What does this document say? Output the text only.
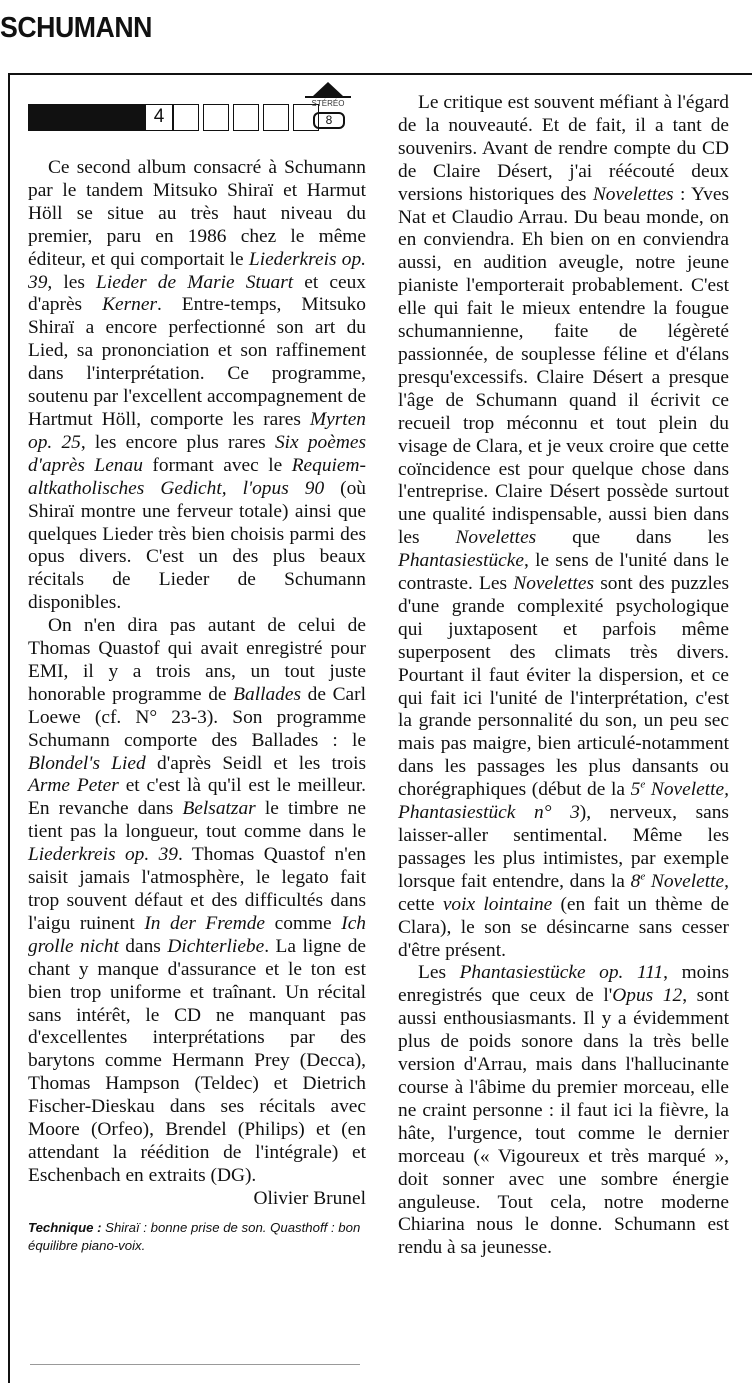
SCHUMANN
4
STÉRÉO
8

Ce second album consacré à Schumann par le tandem Mitsuko Shiraï et Harmut Höll se situe au très haut niveau du premier, paru en 1986 chez le même éditeur, et qui comportait le Liederkreis op. 39, les Lieder de Marie Stuart et ceux d'après Kerner. Entre-temps, Mitsuko Shiraï a encore perfectionné son art du Lied, sa prononciation et son raffinement dans l'interprétation. Ce programme, soutenu par l'excellent accompagnement de Hartmut Höll, comporte les rares Myrten op. 25, les encore plus rares Six poèmes d'après Lenau formant avec le Requiem-altkatholisches Gedicht, l'opus 90 (où Shiraï montre une ferveur totale) ainsi que quelques Lieder très bien choisis parmi des opus divers. C'est un des plus beaux récitals de Lieder de Schumann disponibles.

On n'en dira pas autant de celui de Thomas Quastof qui avait enregistré pour EMI, il y a trois ans, un tout juste honorable programme de Ballades de Carl Loewe (cf. N° 23-3). Son programme Schumann comporte des Ballades : le Blondel's Lied d'après Seidl et les trois Arme Peter et c'est là qu'il est le meilleur. En revanche dans Belsatzar le timbre ne tient pas la longueur, tout comme dans le Liederkreis op. 39. Thomas Quastof n'en saisit jamais l'atmosphère, le legato fait trop souvent défaut et des difficultés dans l'aigu ruinent In der Fremde comme Ich grolle nicht dans Dichterliebe. La ligne de chant y manque d'assurance et le ton est bien trop uniforme et traînant. Un récital sans intérêt, le CD ne manquant pas d'excellentes interprétations par des barytons comme Hermann Prey (Decca), Thomas Hampson (Teldec) et Dietrich Fischer-Dieskau dans ses récitals avec Moore (Orfeo), Brendel (Philips) et (en attendant la réédition de l'intégrale) et Eschenbach en extraits (DG).

Olivier Brunel
Technique : Shiraï : bonne prise de son. Quasthoff : bon équilibre piano-voix.

Le critique est souvent méfiant à l'égard de la nouveauté. Et de fait, il a tant de souvenirs. Avant de rendre compte du CD de Claire Désert, j'ai réécouté deux versions historiques des Novelettes : Yves Nat et Claudio Arrau. Du beau monde, on en conviendra. Eh bien on en conviendra aussi, en audition aveugle, notre jeune pianiste l'emporterait probablement. C'est elle qui fait le mieux entendre la fougue schumannienne, faite de légèreté passionnée, de souplesse féline et d'élans presqu'excessifs. Claire Désert a presque l'âge de Schumann quand il écrivit ce recueil trop méconnu et tout plein du visage de Clara, et je veux croire que cette coïncidence est pour quelque chose dans l'entreprise. Claire Désert possède surtout une qualité indispensable, aussi bien dans les Novelettes que dans les Phantasiestücke, le sens de l'unité dans le contraste. Les Novelettes sont des puzzles d'une grande complexité psychologique qui juxtaposent et parfois même superposent des climats très divers. Pourtant il faut éviter la dispersion, et ce qui fait ici l'unité de l'interprétation, c'est la grande personnalité du son, un peu sec mais pas maigre, bien articulé-notamment dans les passages les plus dansants ou chorégraphiques (début de la 5e Novelette, Phantasiestück n° 3), nerveux, sans laisser-aller sentimental. Même les passages les plus intimistes, par exemple lorsque fait entendre, dans la 8e Novelette, cette voix lointaine (en fait un thème de Clara), le son se désincarne sans cesser d'être présent.

Les Phantasiestücke op. 111, moins enregistrés que ceux de l'Opus 12, sont aussi enthousiasmants. Il y a évidemment plus de poids sonore dans la très belle version d'Arrau, mais dans l'hallucinante course à l'âbime du premier morceau, elle ne craint personne : il faut ici la fièvre, la hâte, l'urgence, tout comme le dernier morceau (« Vigoureux et très marqué », doit sonner avec une sombre énergie anguleuse. Tout cela, notre moderne Chiarina nous le donne. Schumann est rendu à sa jeunesse.
